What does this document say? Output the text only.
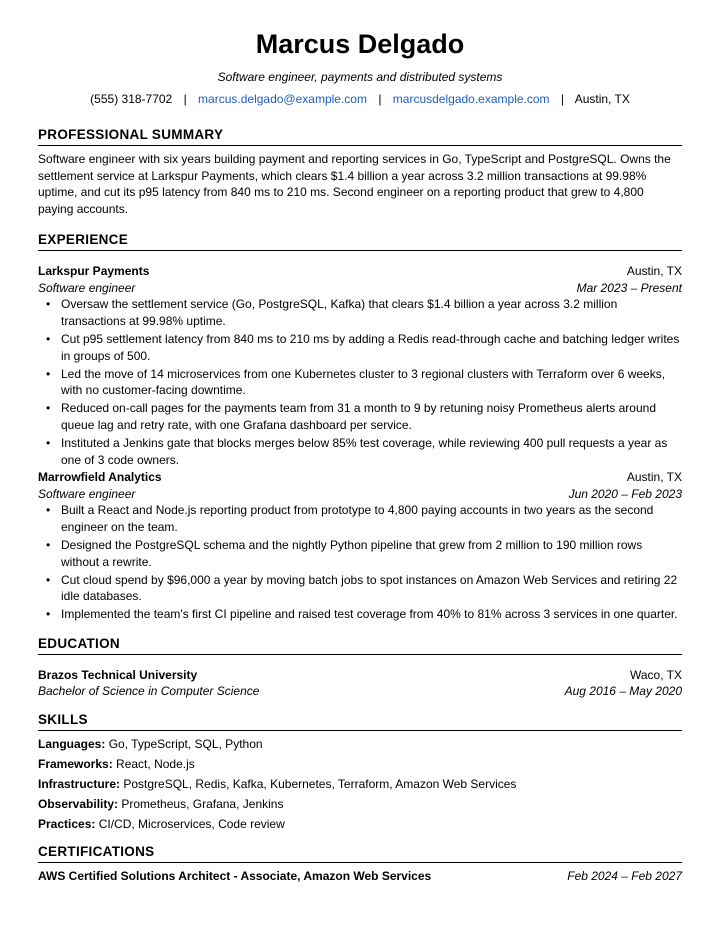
Marcus Delgado
Software engineer, payments and distributed systems
(555) 318-7702 | marcus.delgado@example.com | marcusdelgado.example.com | Austin, TX
PROFESSIONAL SUMMARY
Software engineer with six years building payment and reporting services in Go, TypeScript and PostgreSQL. Owns the settlement service at Larkspur Payments, which clears $1.4 billion a year across 3.2 million transactions at 99.98% uptime, and cut its p95 latency from 840 ms to 210 ms. Second engineer on a reporting product that grew to 4,800 paying accounts.
EXPERIENCE
Larkspur Payments	Austin, TX
Software engineer	Mar 2023 – Present
• Oversaw the settlement service (Go, PostgreSQL, Kafka) that clears $1.4 billion a year across 3.2 million transactions at 99.98% uptime.
• Cut p95 settlement latency from 840 ms to 210 ms by adding a Redis read-through cache and batching ledger writes in groups of 500.
• Led the move of 14 microservices from one Kubernetes cluster to 3 regional clusters with Terraform over 6 weeks, with no customer-facing downtime.
• Reduced on-call pages for the payments team from 31 a month to 9 by retuning noisy Prometheus alerts around queue lag and retry rate, with one Grafana dashboard per service.
• Instituted a Jenkins gate that blocks merges below 85% test coverage, while reviewing 400 pull requests a year as one of 3 code owners.
Marrowfield Analytics	Austin, TX
Software engineer	Jun 2020 – Feb 2023
• Built a React and Node.js reporting product from prototype to 4,800 paying accounts in two years as the second engineer on the team.
• Designed the PostgreSQL schema and the nightly Python pipeline that grew from 2 million to 190 million rows without a rewrite.
• Cut cloud spend by $96,000 a year by moving batch jobs to spot instances on Amazon Web Services and retiring 22 idle databases.
• Implemented the team's first CI pipeline and raised test coverage from 40% to 81% across 3 services in one quarter.
EDUCATION
Brazos Technical University	Waco, TX
Bachelor of Science in Computer Science	Aug 2016 – May 2020
SKILLS
Languages: Go, TypeScript, SQL, Python
Frameworks: React, Node.js
Infrastructure: PostgreSQL, Redis, Kafka, Kubernetes, Terraform, Amazon Web Services
Observability: Prometheus, Grafana, Jenkins
Practices: CI/CD, Microservices, Code review
CERTIFICATIONS
AWS Certified Solutions Architect - Associate, Amazon Web Services	Feb 2024 – Feb 2027
